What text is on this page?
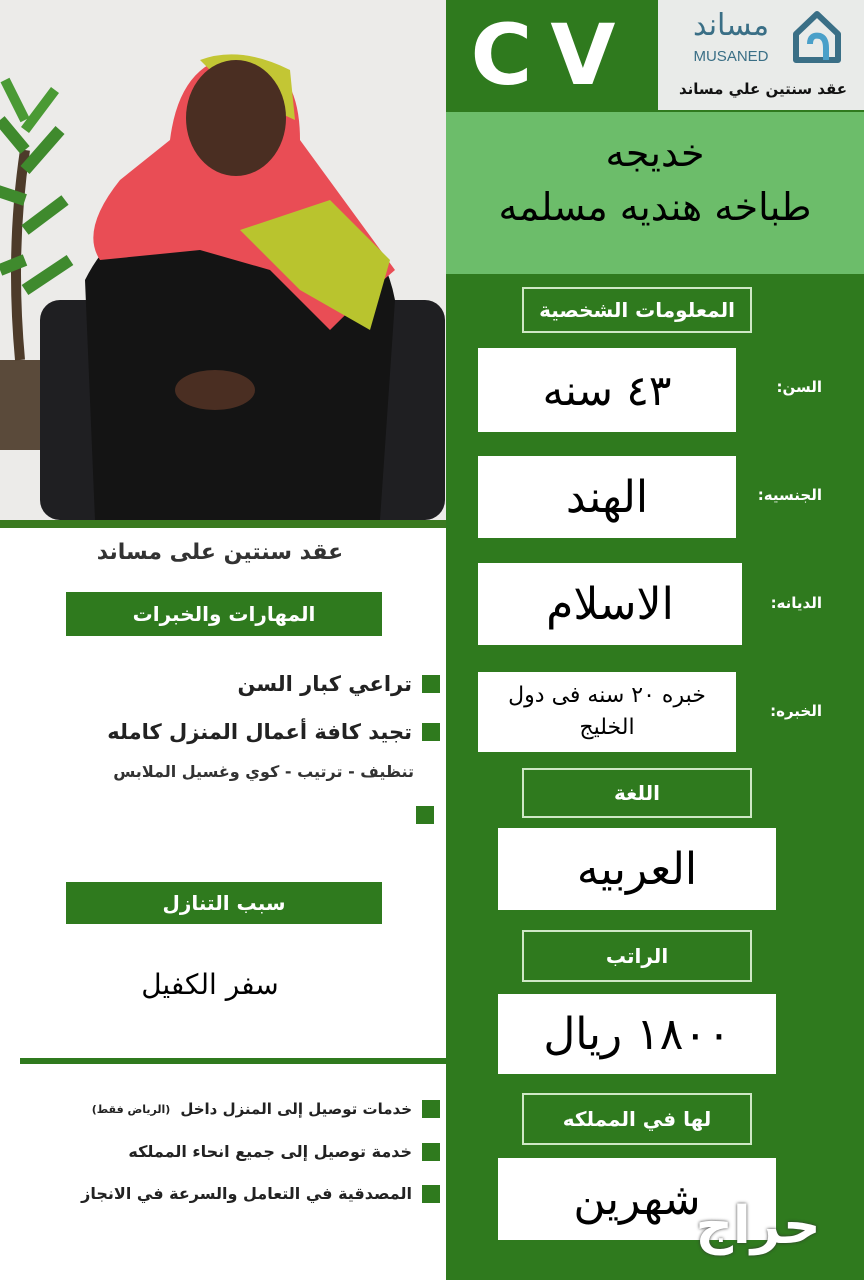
CV	مساند
MUSANED
عقد سنتين علي مساند
خديجه
طباخه هنديه مسلمه
المعلومات الشخصية
٤٣ سنه	السن:
الهند	الجنسيه:
الاسلام	الديانه:
خبره ٢٠ سنه فى دول الخليج
الخبره:
اللغة
العربيه
الراتب
١٨٠٠ ريال
لها في المملكه
شهرين
عقد سنتين على مساند
المهارات والخبرات
تراعي كبار السن
تجيد كافة أعمال المنزل كامله
تنظيف - ترتيب - كوي وغسيل الملابس
سبب التنازل
سفر الكفيل
خدمات توصيل إلى المنزل داخل
(الرياض فقط)
خدمة توصيل إلى جميع انحاء المملكه
المصدقية في التعامل والسرعة في الانجاز
حراج
